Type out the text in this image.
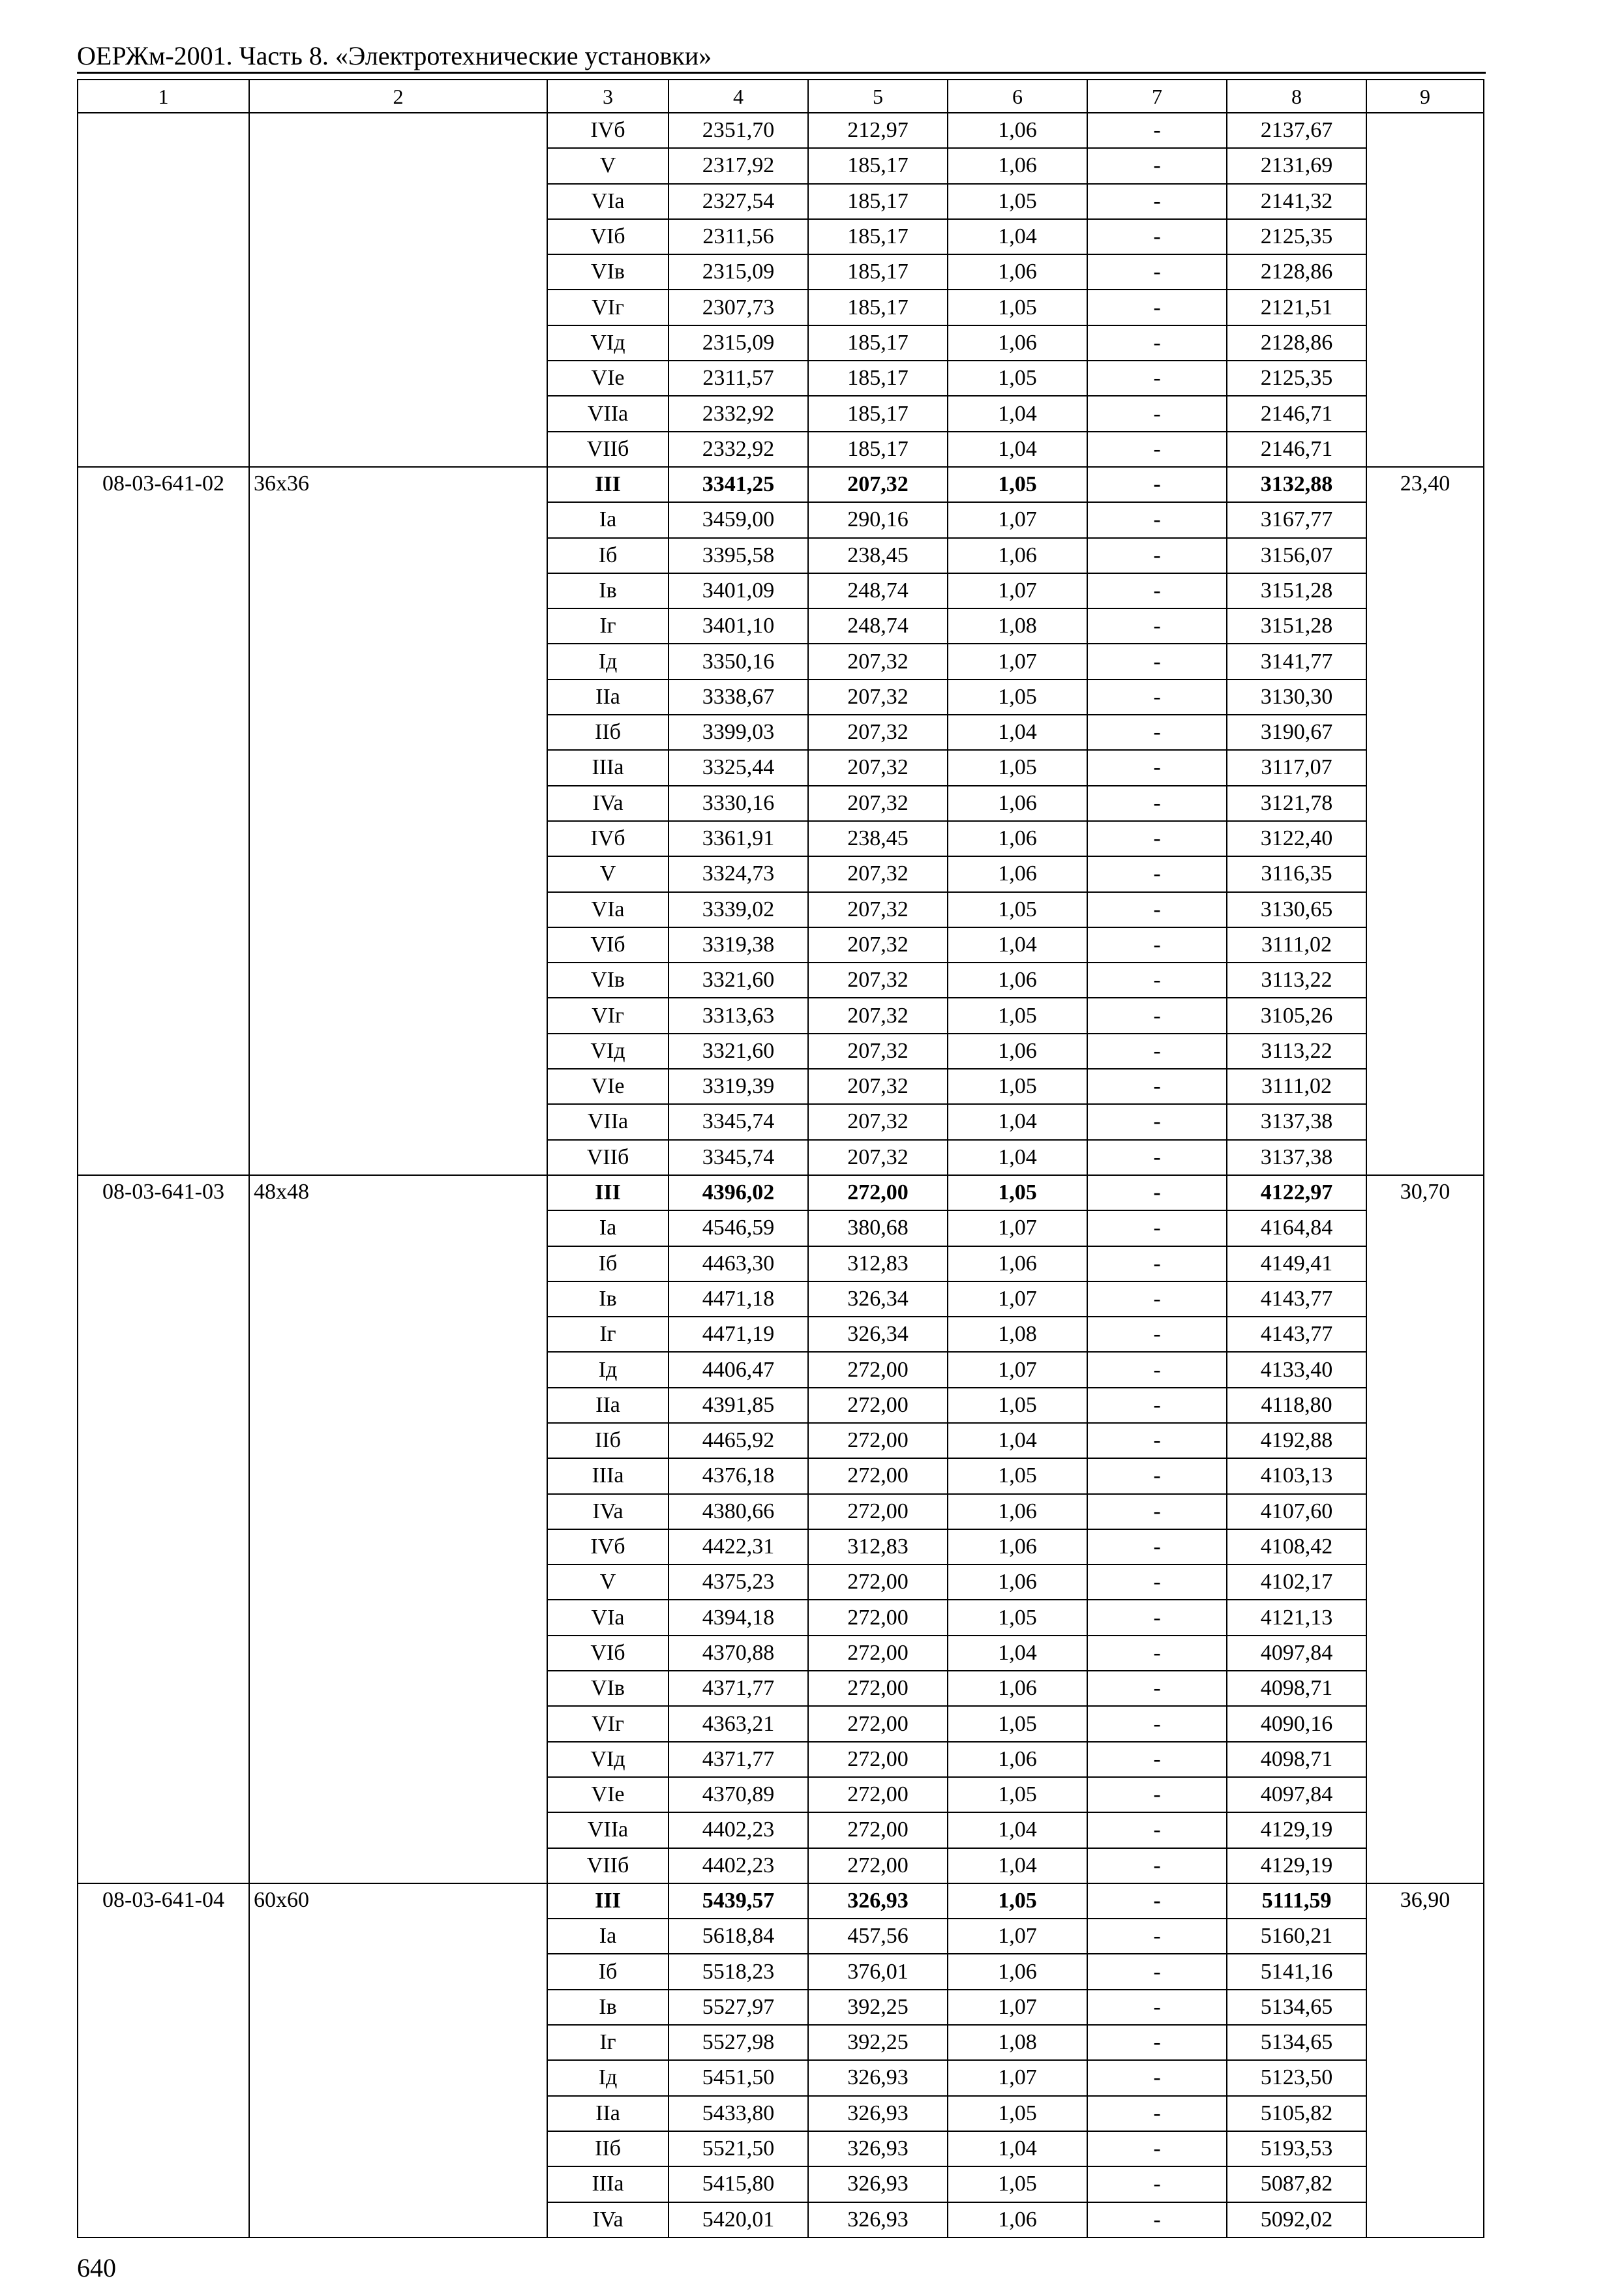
ОЕРЖм-2001. Часть 8. «Электротехнические установки»
1	2	3	4	5	6	7	8	9
		IVб	2351,70	212,97	1,06	-	2137,67	
		V	2317,92	185,17	1,06	-	2131,69	
		VIa	2327,54	185,17	1,05	-	2141,32	
		VIб	2311,56	185,17	1,04	-	2125,35	
		VIв	2315,09	185,17	1,06	-	2128,86	
		VIг	2307,73	185,17	1,05	-	2121,51	
		VIд	2315,09	185,17	1,06	-	2128,86	
		VIe	2311,57	185,17	1,05	-	2125,35	
		VIIa	2332,92	185,17	1,04	-	2146,71	
		VIIб	2332,92	185,17	1,04	-	2146,71	
08-03-641-02	36x36	III	3341,25	207,32	1,05	-	3132,88	23,40
		Ia	3459,00	290,16	1,07	-	3167,77	
		Iб	3395,58	238,45	1,06	-	3156,07	
		Iв	3401,09	248,74	1,07	-	3151,28	
		Iг	3401,10	248,74	1,08	-	3151,28	
		Iд	3350,16	207,32	1,07	-	3141,77	
		IIa	3338,67	207,32	1,05	-	3130,30	
		IIб	3399,03	207,32	1,04	-	3190,67	
		IIIa	3325,44	207,32	1,05	-	3117,07	
		IVa	3330,16	207,32	1,06	-	3121,78	
		IVб	3361,91	238,45	1,06	-	3122,40	
		V	3324,73	207,32	1,06	-	3116,35	
		VIa	3339,02	207,32	1,05	-	3130,65	
		VIб	3319,38	207,32	1,04	-	3111,02	
		VIв	3321,60	207,32	1,06	-	3113,22	
		VIг	3313,63	207,32	1,05	-	3105,26	
		VIд	3321,60	207,32	1,06	-	3113,22	
		VIe	3319,39	207,32	1,05	-	3111,02	
		VIIa	3345,74	207,32	1,04	-	3137,38	
		VIIб	3345,74	207,32	1,04	-	3137,38	
08-03-641-03	48x48	III	4396,02	272,00	1,05	-	4122,97	30,70
		Ia	4546,59	380,68	1,07	-	4164,84	
		Iб	4463,30	312,83	1,06	-	4149,41	
		Iв	4471,18	326,34	1,07	-	4143,77	
		Iг	4471,19	326,34	1,08	-	4143,77	
		Iд	4406,47	272,00	1,07	-	4133,40	
		IIa	4391,85	272,00	1,05	-	4118,80	
		IIб	4465,92	272,00	1,04	-	4192,88	
		IIIa	4376,18	272,00	1,05	-	4103,13	
		IVa	4380,66	272,00	1,06	-	4107,60	
		IVб	4422,31	312,83	1,06	-	4108,42	
		V	4375,23	272,00	1,06	-	4102,17	
		VIa	4394,18	272,00	1,05	-	4121,13	
		VIб	4370,88	272,00	1,04	-	4097,84	
		VIв	4371,77	272,00	1,06	-	4098,71	
		VIг	4363,21	272,00	1,05	-	4090,16	
		VIд	4371,77	272,00	1,06	-	4098,71	
		VIe	4370,89	272,00	1,05	-	4097,84	
		VIIa	4402,23	272,00	1,04	-	4129,19	
		VIIб	4402,23	272,00	1,04	-	4129,19	
08-03-641-04	60x60	III	5439,57	326,93	1,05	-	5111,59	36,90
		Ia	5618,84	457,56	1,07	-	5160,21	
		Iб	5518,23	376,01	1,06	-	5141,16	
		Iв	5527,97	392,25	1,07	-	5134,65	
		Iг	5527,98	392,25	1,08	-	5134,65	
		Iд	5451,50	326,93	1,07	-	5123,50	
		IIa	5433,80	326,93	1,05	-	5105,82	
		IIб	5521,50	326,93	1,04	-	5193,53	
		IIIa	5415,80	326,93	1,05	-	5087,82	
		IVa	5420,01	326,93	1,06	-	5092,02	
640
